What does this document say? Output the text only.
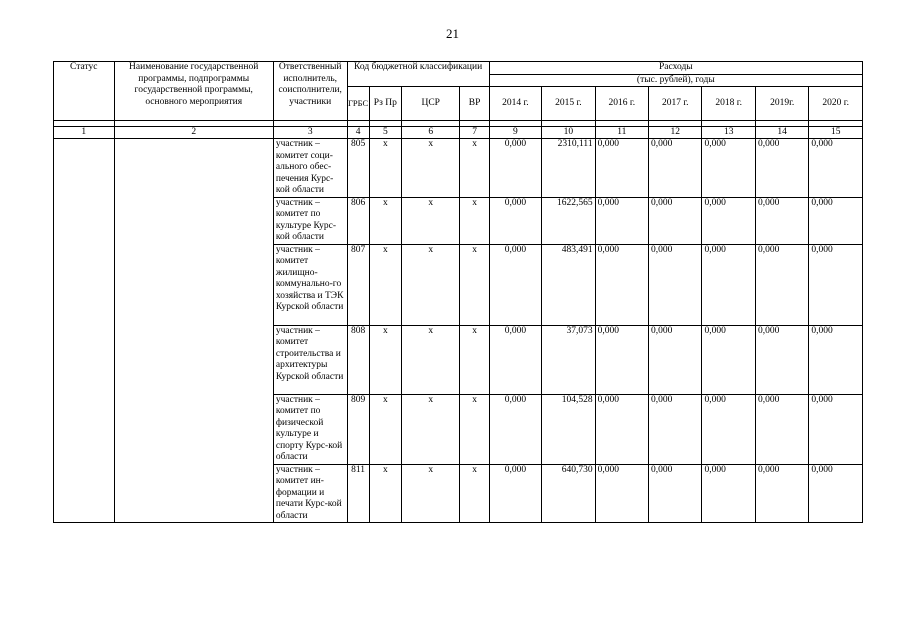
21
Статус	Наименование государственной программы, подпрограммы государственной программы, основного мероприятия	Ответственный исполнитель, соисполнители, участники	Код бюджетной классификации				Расходы						

							(тыс. рублей), годы						
			ГРБС	Рз Пр	ЦСР	ВР	2014 г.	2015 г.	2016 г.	2017 г.	2018 г.	2019г.	2020 г.

1	2	3	4	5	6	7	9	10	11	12	13	14	15
		участник – комитет соци-ального обес-печения Курс-кой области	805	х	х	х	0,000	2310,111	0,000	0,000	0,000	0,000	0,000
		участник – комитет по культуре Курс-кой области	806	х	х	х	0,000	1622,565	0,000	0,000	0,000	0,000	0,000
		участник – комитет жилищно-коммунально-го хозяйства и ТЭК Курской области	807	х	х	х	0,000	483,491	0,000	0,000	0,000	0,000	0,000
		участник – комитет строительства и архитектуры Курской области	808	х	х	х	0,000	37,073	0,000	0,000	0,000	0,000	0,000
		участник – комитет по физической культуре и спорту Курс-кой области	809	х	х	х	0,000	104,528	0,000	0,000	0,000	0,000	0,000
		участник – комитет ин-формации и печати Курс-кой области	811	х	х	х	0,000	640,730	0,000	0,000	0,000	0,000	0,000
